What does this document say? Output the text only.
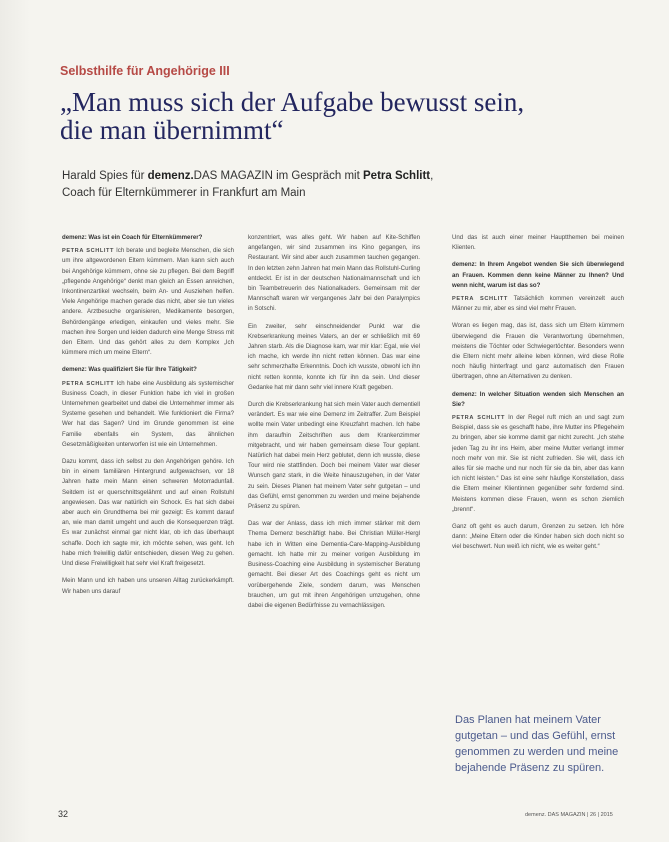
Selbsthilfe für Angehörige III
„Man muss sich der Aufgabe bewusst sein,
die man übernimmt“
Harald Spies für demenz.DAS MAGAZIN im Gespräch mit Petra Schlitt,
Coach für Elternkümmerer in Frankfurt am Main

demenz: Was ist ein Coach für Elternkümmerer?

PETRA SCHLITT Ich berate und begleite Menschen, die sich um ihre altgewordenen Eltern kümmern. Man kann sich auch bei Angehörige kümmern, ohne sie zu pflegen. Bei dem Begriff „pflegende Angehörige“ denkt man gleich an Essen anreichen, Inkontinenzartikel wechseln, beim An- und Ausziehen helfen. Viele Angehörige machen gerade das nicht, aber sie tun vieles andere. Arztbesuche organisieren, Medikamente besorgen, Behördengänge erledigen, einkaufen und vieles mehr. Sie machen ihre Sorgen und leiden dadurch eine Menge Stress mit den Eltern. Und das gehört alles zu dem Komplex „Ich kümmere mich um meine Eltern“.

demenz: Was qualifiziert Sie für Ihre Tätigkeit?

PETRA SCHLITT Ich habe eine Ausbildung als systemischer Business Coach, in dieser Funktion habe ich viel in großen Unternehmen gearbeitet und dabei die Unternehmer immer als Systeme gesehen und behandelt. Wie funktioniert die Firma? Wer hat das Sagen? Und im Grunde genommen ist eine Familie ebenfalls ein System, das ähnlichen Gesetzmäßigkeiten unterworfen ist wie ein Unternehmen.

Dazu kommt, dass ich selbst zu den Angehörigen gehöre. Ich bin in einem familiären Hintergrund aufgewachsen, vor 18 Jahren hatte mein Mann einen schweren Motorradunfall. Seitdem ist er querschnittsgelähmt und auf einen Rollstuhl angewiesen. Das war natürlich ein Schock. Es hat sich dabei aber auch ein Grundthema bei mir gezeigt: Es kommt darauf an, wie man damit umgeht und auch die Konsequenzen trägt. Es war zunächst einmal gar nicht klar, ob ich das überhaupt schaffe. Doch ich sagte mir, ich möchte sehen, was geht. Ich habe mich freiwillig dafür entschieden, diesen Weg zu gehen. Und diese Freiwilligkeit hat sehr viel Kraft freigesetzt.

Mein Mann und ich haben uns unseren Alltag zurückerkämpft. Wir haben uns darauf

konzentriert, was alles geht. Wir haben auf Kite-Schiffen angefangen, wir sind zusammen ins Kino gegangen, ins Restaurant. Wir sind aber auch zusammen tauchen gegangen. In den letzten zehn Jahren hat mein Mann das Rollstuhl-Curling entdeckt. Er ist in der deutschen Nationalmannschaft und ich bin Teambetreuerin des Nationalkaders. Gemeinsam mit der Mannschaft waren wir vergangenes Jahr bei den Paralympics in Sotschi.

Ein zweiter, sehr einschneidender Punkt war die Krebserkrankung meines Vaters, an der er schließlich mit 69 Jahren starb. Als die Diagnose kam, war mir klar: Egal, wie viel ich mache, ich werde ihn nicht retten können. Das war eine sehr schmerzhafte Erkenntnis. Doch ich wusste, obwohl ich ihn nicht retten konnte, konnte ich für ihn da sein. Und dieser Gedanke hat mir dann sehr viel innere Kraft gegeben.

Durch die Krebserkrankung hat sich mein Vater auch dementiell verändert. Es war wie eine Demenz im Zeitraffer. Zum Beispiel wollte mein Vater unbedingt eine Kreuzfahrt machen. Ich habe ihm daraufhin Zeitschriften aus dem Krankenzimmer mitgebracht, und wir haben gemeinsam diese Tour geplant. Natürlich hat dabei mein Herz geblutet, denn ich wusste, diese Tour wird nie stattfinden. Doch bei meinem Vater war dieser Wunsch ganz stark, in die Weite hinauszugehen, in der Vater zu sein. Dieses Planen hat meinem Vater sehr gutgetan – und das Gefühl, ernst genommen zu werden und meine bejahende Präsenz zu spüren.

Das war der Anlass, dass ich mich immer stärker mit dem Thema Demenz beschäftigt habe. Bei Christian Müller-Hergl habe ich in Witten eine Dementia-Care-Mapping-Ausbildung gemacht. Ich hatte mir zu meiner vorigen Ausbildung im Business-Coaching eine Ausbildung in systemischer Beratung gemacht. Bei dieser Art des Coachings geht es nicht um vorübergehende Ziele, sondern darum, was Menschen brauchen, um gut mit ihren Angehörigen umzugehen, ohne dabei die eigenen Bedürfnisse zu vernachlässigen.

Und das ist auch einer meiner Hauptthemen bei meinen Klienten.

demenz: In Ihrem Angebot wenden Sie sich überwiegend an Frauen. Kommen denn keine Männer zu Ihnen? Und wenn nicht, warum ist das so?

PETRA SCHLITT Tatsächlich kommen vereinzelt auch Männer zu mir, aber es sind viel mehr Frauen.

Woran es liegen mag, das ist, dass sich um Eltern kümmern überwiegend die Frauen die Verantwortung übernehmen, meistens die Töchter oder Schwiegertöchter. Besonders wenn die Eltern nicht mehr alleine leben können, wird diese Rolle noch häufig hinterfragt und ganz automatisch den Frauen übertragen, ohne an Alternativen zu denken.

demenz: In welcher Situation wenden sich Menschen an Sie?

PETRA SCHLITT In der Regel ruft mich an und sagt zum Beispiel, dass sie es geschafft habe, ihre Mutter ins Pflegeheim zu bringen, aber sie komme damit gar nicht zurecht. „Ich stehe jeden Tag zu ihr ins Heim, aber meine Mutter verlangt immer noch mehr von mir. Sie ist nicht zufrieden. Sie will, dass ich alles für sie mache und nur noch für sie da bin, aber das kann ich nicht leisten.“ Das ist eine sehr häufige Konstellation, dass die Eltern meiner Klientinnen gegenüber sehr fordernd sind. Meistens kommen diese Frauen, wenn es schon ziemlich „brennt“.

Ganz oft geht es auch darum, Grenzen zu setzen. Ich höre dann: „Meine Eltern oder die Kinder haben sich doch nicht so viel beschwert. Nun weiß ich nicht, wie es weiter geht.“

Das Planen hat meinem Vater gutgetan – und das Gefühl, ernst genommen zu werden und meine bejahende Präsenz zu spüren.
32	demenz. DAS MAGAZIN | 26 | 2015
